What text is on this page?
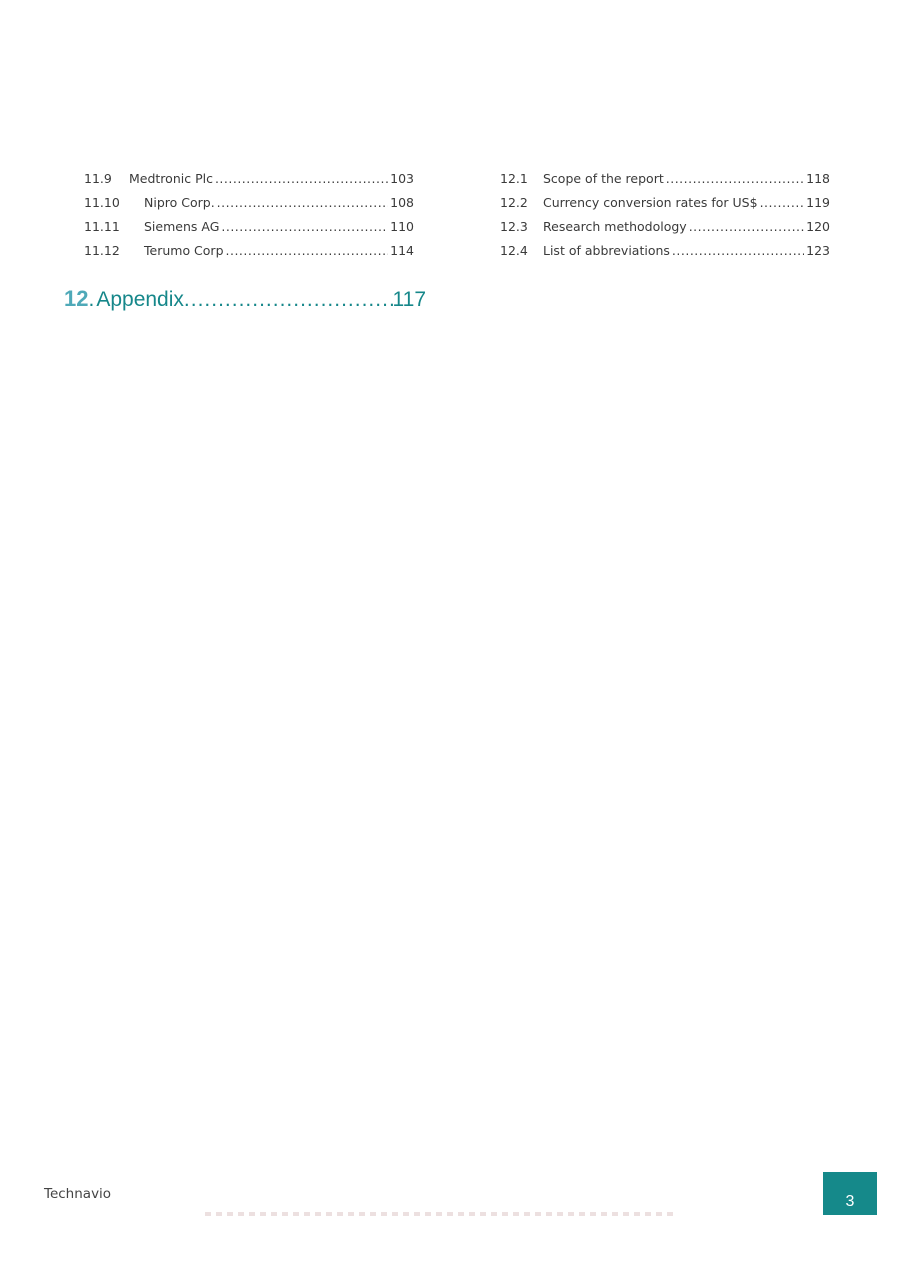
11.9	Medtronic Plc .....	103
11.10	Nipro Corp. .....	108
11.11	Siemens AG .....	110
11.12	Terumo Corp .....	114
12.1	Scope of the report .....	118
12.2	Currency conversion rates for US$ .....	119
12.3	Research methodology .....	120
12.4	List of abbreviations .....	123
12 . Appendix .....	117
Technavio	3
